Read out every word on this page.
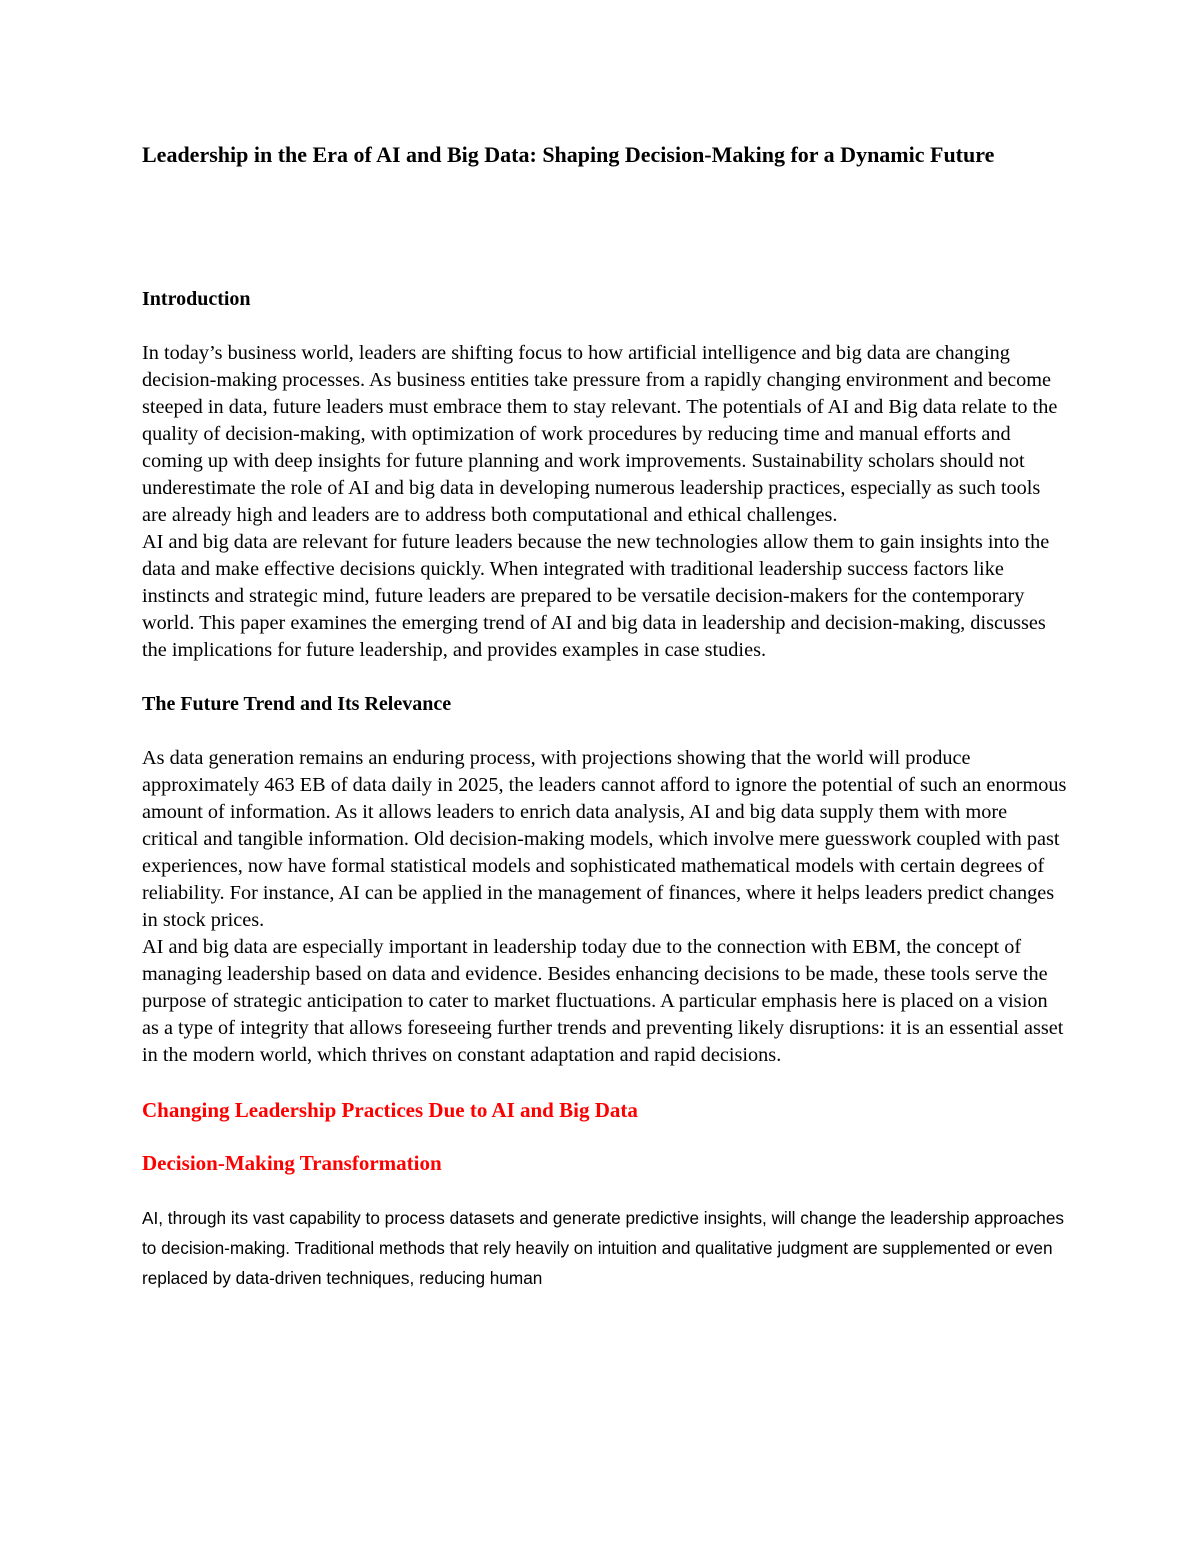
Leadership in the Era of AI and Big Data: Shaping Decision-Making for a Dynamic Future
Introduction

In today’s business world, leaders are shifting focus to how artificial intelligence and big data are changing decision-making processes. As business entities take pressure from a rapidly changing environment and become steeped in data, future leaders must embrace them to stay relevant. The potentials of AI and Big data relate to the quality of decision-making, with optimization of work procedures by reducing time and manual efforts and coming up with deep insights for future planning and work improvements. Sustainability scholars should not underestimate the role of AI and big data in developing numerous leadership practices, especially as such tools are already high and leaders are to address both computational and ethical challenges.

AI and big data are relevant for future leaders because the new technologies allow them to gain insights into the data and make effective decisions quickly. When integrated with traditional leadership success factors like instincts and strategic mind, future leaders are prepared to be versatile decision-makers for the contemporary world. This paper examines the emerging trend of AI and big data in leadership and decision-making, discusses the implications for future leadership, and provides examples in case studies.

The Future Trend and Its Relevance

As data generation remains an enduring process, with projections showing that the world will produce approximately 463 EB of data daily in 2025, the leaders cannot afford to ignore the potential of such an enormous amount of information. As it allows leaders to enrich data analysis, AI and big data supply them with more critical and tangible information. Old decision-making models, which involve mere guesswork coupled with past experiences, now have formal statistical models and sophisticated mathematical models with certain degrees of reliability. For instance, AI can be applied in the management of finances, where it helps leaders predict changes in stock prices.

AI and big data are especially important in leadership today due to the connection with EBM, the concept of managing leadership based on data and evidence. Besides enhancing decisions to be made, these tools serve the purpose of strategic anticipation to cater to market fluctuations. A particular emphasis here is placed on a vision as a type of integrity that allows foreseeing further trends and preventing likely disruptions: it is an essential asset in the modern world, which thrives on constant adaptation and rapid decisions.

Changing Leadership Practices Due to AI and Big Data
Decision-Making Transformation

AI, through its vast capability to process datasets and generate predictive insights, will change the leadership approaches to decision-making. Traditional methods that rely heavily on intuition and qualitative judgment are supplemented or even replaced by data-driven techniques, reducing human
